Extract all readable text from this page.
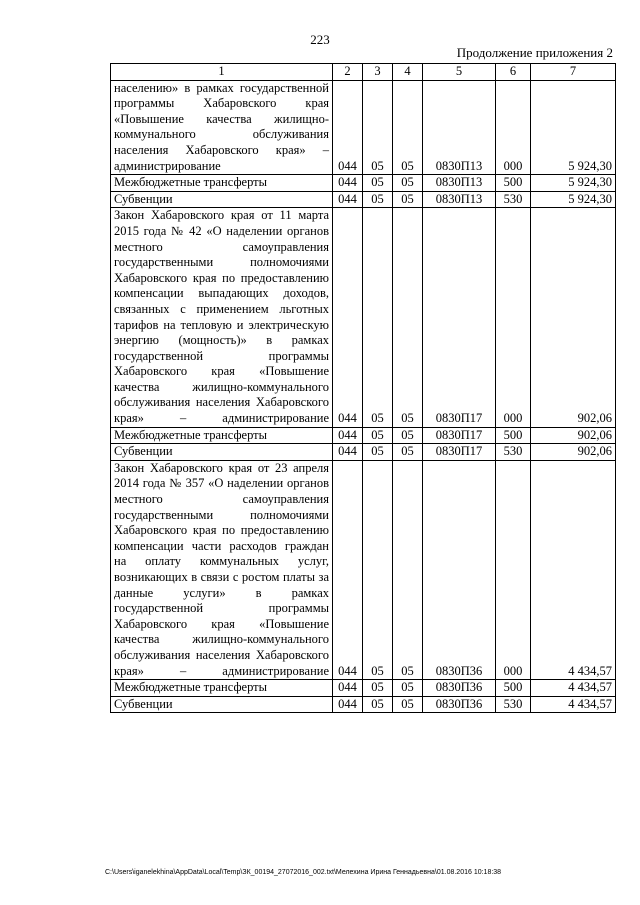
223
Продолжение приложения 2
1	2	3	4	5	6	7
населению» в рамках государственной программы Хабаровского края «Повышение качества жилищно-коммунального обслуживания населения Хабаровского края» – администрирование	044	05	05	0830П13	000	5 924,30
Межбюджетные трансферты	044	05	05	0830П13	500	5 924,30
Субвенции	044	05	05	0830П13	530	5 924,30
Закон Хабаровского края от 11 марта 2015 года № 42 «О наделении органов местного самоуправления государственными полномочиями Хабаровского края по предоставлению компенсации выпадающих доходов, связанных с применением льготных тарифов на тепловую и электрическую энергию (мощность)» в рамках государственной программы Хабаровского края «Повышение качества жилищно-коммунального обслуживания населения Хабаровского края» – администрирование	044	05	05	0830П17	000	902,06
Межбюджетные трансферты	044	05	05	0830П17	500	902,06
Субвенции	044	05	05	0830П17	530	902,06
Закон Хабаровского края от 23 апреля 2014 года № 357 «О наделении органов местного самоуправления государственными полномочиями Хабаровского края по предоставлению компенсации части расходов граждан на оплату коммунальных услуг, возникающих в связи с ростом платы за данные услуги» в рамках государственной программы Хабаровского края «Повышение качества жилищно-коммунального обслуживания населения Хабаровского края» – администрирование	044	05	05	0830П36	000	4 434,57
Межбюджетные трансферты	044	05	05	0830П36	500	4 434,57
Субвенции	044	05	05	0830П36	530	4 434,57
C:\Users\iganelekhina\AppData\Local\Temp\ЗК_00194_27072016_002.txt\Мелехина Ирина Геннадьевна\01.08.2016 10:18:38
